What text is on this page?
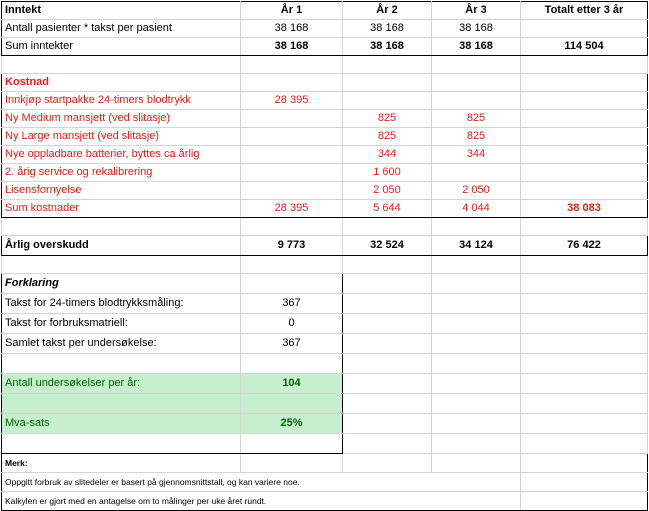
Inntekt	År 1	År 2	År 3	Totalt etter 3 år
Antall pasienter * takst per pasient	38 168	38 168	38 168	
Sum inntekter	38 168	38 168	38 168	114 504

Kostnad				
Innkjøp startpakke 24-timers blodtrykk	28 395			
Ny Medium mansjett (ved slitasje)		825	825	
Ny Large mansjett (ved slitasje)		825	825	
Nye oppladbare batterier, byttes ca årlig		344	344	
2. årig service og rekalibrering		1 600		
Lisensfornyelse		2 050	2 050	
Sum kostnader	28 395	5 644	4 044	38 083

Årlig overskudd	9 773	32 524	34 124	76 422

Forklaring				
Takst for 24-timers blodtrykksmåling:	367			
Takst for forbruksmatriell:	0			
Samlet takst per undersøkelse:	367			

Antall undersøkelser per år:	104			

Mva-sats	25%			

Merk:				
Oppgitt forbruk av slitedeler er basert på gjennomsnittstall, og kan variere noe.				
Kalkylen er gjort med en antagelse om to målinger per uke året rundt.				
